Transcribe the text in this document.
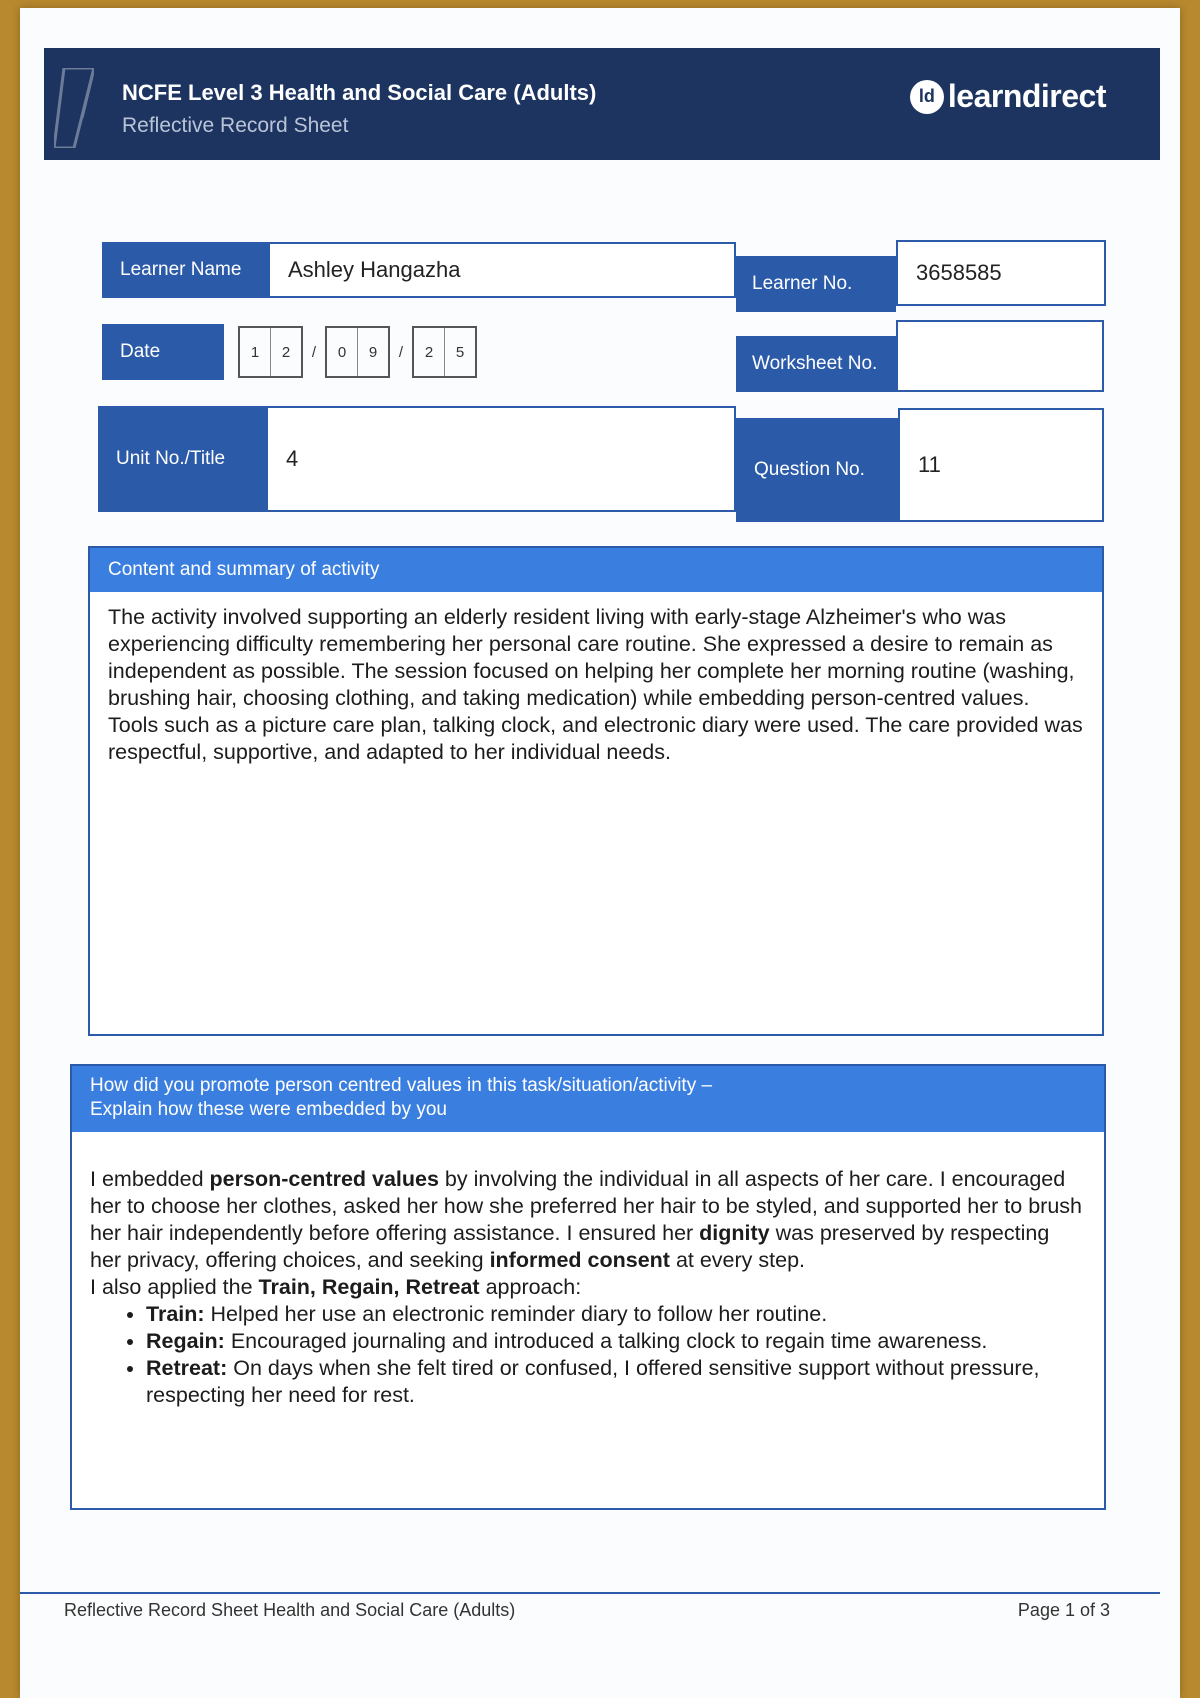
NCFE Level 3 Health and Social Care (Adults)
Reflective Record Sheet
ld learndirect
Learner Name	Ashley Hangazha
Learner No.	3658585
Date	1	2	/	0	9	/	2	5
Worksheet No.
Unit No./Title	4	Question No.	11
Content and summary of activity

The activity involved supporting an elderly resident living with early-stage Alzheimer's who was experiencing difficulty remembering her personal care routine. She expressed a desire to remain as independent as possible. The session focused on helping her complete her morning routine (washing, brushing hair, choosing clothing, and taking medication) while embedding person-centred values. Tools such as a picture care plan, talking clock, and electronic diary were used. The care provided was respectful, supportive, and adapted to her individual needs.

How did you promote person centred values in this task/situation/activity –
Explain how these were embedded by you

I embedded person-centred values by involving the individual in all aspects of her care. I encouraged her to choose her clothes, asked her how she preferred her hair to be styled, and supported her to brush her hair independently before offering assistance. I ensured her dignity was preserved by respecting her privacy, offering choices, and seeking informed consent at every step.

I also applied the Train, Regain, Retreat approach:

• Train: Helped her use an electronic reminder diary to follow her routine.
• Regain: Encouraged journaling and introduced a talking clock to regain time awareness.
• Retreat: On days when she felt tired or confused, I offered sensitive support without pressure, respecting her need for rest.
Reflective Record Sheet Health and Social Care (Adults)	Page 1 of 3
